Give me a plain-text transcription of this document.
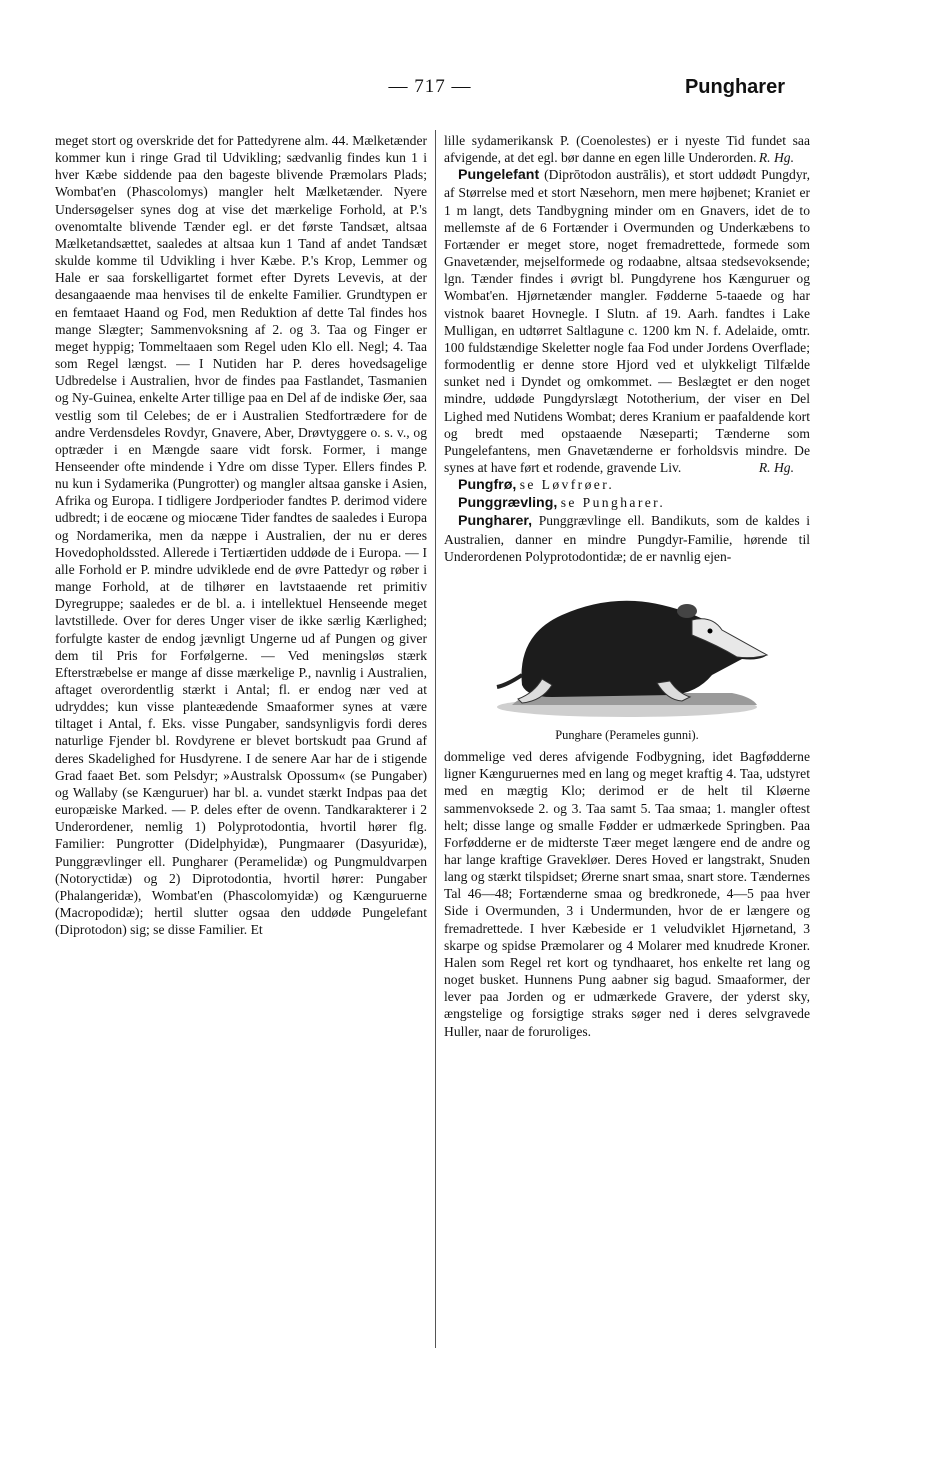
— 717 —	Pungharer

meget stort og overskride det for Pattedyrene alm. 44. Mælketænder kommer kun i ringe Grad til Udvikling; sædvanlig findes kun 1 i hver Kæbe siddende paa den bageste blivende Præmolars Plads; Wombat'en (Phascolomys) mangler helt Mælketænder. Nyere Undersøgelser synes dog at vise det mærkelige Forhold, at P.'s ovenomtalte blivende Tænder egl. er det første Tandsæt, altsaa Mælketandsættet, saaledes at altsaa kun 1 Tand af andet Tandsæt skulde komme til Udvikling i hver Kæbe. P.'s Krop, Lemmer og Hale er saa forskelligartet formet efter Dyrets Levevis, at der desangaaende maa henvises til de enkelte Familier. Grundtypen er en femtaaet Haand og Fod, men Reduktion af dette Tal findes hos mange Slægter; Sammenvoksning af 2. og 3. Taa og Finger er meget hyppig; Tommeltaaen som Regel uden Klo ell. Negl; 4. Taa som Regel længst. — I Nutiden har P. deres hovedsagelige Udbredelse i Australien, hvor de findes paa Fastlandet, Tasmanien og Ny-Guinea, enkelte Arter tillige paa en Del af de indiske Øer, saa vestlig som til Celebes; de er i Australien Stedfortrædere for de andre Verdensdeles Rovdyr, Gnavere, Aber, Drøvtyggere o. s. v., og optræder i en Mængde saare vidt forsk. Former, i mange Henseender ofte mindende i Ydre om disse Typer. Ellers findes P. nu kun i Sydamerika (Pungrotter) og mangler altsaa ganske i Asien, Afrika og Europa. I tidligere Jordperioder fandtes P. derimod videre udbredt; i de eocæne og miocæne Tider fandtes de saaledes i Europa og Nordamerika, men da næppe i Australien, der nu er deres Hovedopholdssted. Allerede i Tertiærtiden uddøde de i Europa. — I alle Forhold er P. mindre udviklede end de øvre Pattedyr og røber i mange Forhold, at de tilhører en lavtstaaende ret primitiv Dyregruppe; saaledes er de bl. a. i intellektuel Henseende meget lavtstillede. Over for deres Unger viser de ikke særlig Kærlighed; forfulgte kaster de endog jævnligt Ungerne ud af Pungen og giver dem til Pris for Forfølgerne. — Ved meningsløs stærk Efterstræbelse er mange af disse mærkelige P., navnlig i Australien, aftaget overordentlig stærkt i Antal; fl. er endog nær ved at udryddes; kun visse planteædende Smaaformer synes at være tiltaget i Antal, f. Eks. visse Pungaber, sandsynligvis fordi deres naturlige Fjender bl. Rovdyrene er blevet bortskudt paa Grund af deres Skadelighed for Husdyrene. I de senere Aar har de i stigende Grad faaet Bet. som Pelsdyr; »Australsk Opossum« (se Pungaber) og Wallaby (se Kænguruer) har bl. a. vundet stærkt Indpas paa det europæiske Marked. — P. deles efter de ovenn. Tandkarakterer i 2 Underordener, nemlig 1) Polyprotodontia, hvortil hører flg. Familier: Pungrotter (Didelphyidæ), Pungmaarer (Dasyuridæ), Punggrævlinger ell. Pungharer (Peramelidæ) og Pungmuldvarpen (Notoryctidæ) og 2) Diprotodontia, hvortil hører: Pungaber (Phalangeridæ), Wombat'en (Phascolomyidæ) og Kænguruerne (Macropodidæ); hertil slutter ogsaa den uddøde Pungelefant (Diprotodon) sig; se disse Familier. Et

lille sydamerikansk P. (Coenolestes) er i nyeste Tid fundet saa afvigende, at det egl. bør danne en egen lille Underorden. R. Hg.

Pungelefant (Diprōtodon austrālis), et stort uddødt Pungdyr, af Størrelse med et stort Næsehorn, men mere højbenet; Kraniet er 1 m langt, dets Tandbygning minder om en Gnavers, idet de to mellemste af de 6 Fortænder i Overmunden og Underkæbens to Fortænder er meget store, noget fremadrettede, formede som Gnavetænder, mejselformede og rodaabne, altsaa stedsevoksende; lgn. Tænder findes i øvrigt bl. Pungdyrene hos Kænguruer og Wombat'en. Hjørnetænder mangler. Fødderne 5-taaede og har vistnok baaret Hovnegle. I Slutn. af 19. Aarh. fandtes i Lake Mulligan, en udtørret Saltlagune c. 1200 km N. f. Adelaide, omtr. 100 fuldstændige Skeletter nogle faa Fod under Jordens Overflade; formodentlig er denne store Hjord ved et ulykkeligt Tilfælde sunket ned i Dyndet og omkommet. — Beslægtet er den noget mindre, uddøde Pungdyrslægt Nototherium, der viser en Del Lighed med Nutidens Wombat; deres Kranium er paafaldende kort og bredt med opstaaende Næseparti; Tænderne som Pungelefantens, men Gnavetænderne er forholdsvis mindre. De synes at have ført et rodende, gravende Liv.	R. Hg.

Pungfrø, se Løvfrøer.

Punggrævling, se Pungharer.

Pungharer, Punggrævlinge ell. Bandikuts, som de kaldes i Australien, danner en mindre Pungdyr-Familie, hørende til Underordenen Polyprotodontidæ; de er navnlig ejen-

Punghare (Perameles gunni).

dommelige ved deres afvigende Fodbygning, idet Bagfødderne ligner Kænguruernes med en lang og meget kraftig 4. Taa, udstyret med en mægtig Klo; derimod er de helt til Kløerne sammenvoksede 2. og 3. Taa samt 5. Taa smaa; 1. mangler oftest helt; disse lange og smalle Fødder er udmærkede Springben. Paa Forfødderne er de midterste Tæer meget længere end de andre og har lange kraftige Gravekløer. Deres Hoved er langstrakt, Snuden lang og stærkt tilspidset; Ørerne snart smaa, snart store. Tændernes Tal 46—48; Fortænderne smaa og bredkronede, 4—5 paa hver Side i Overmunden, 3 i Undermunden, hvor de er længere og fremadrettede. I hver Kæbeside er 1 veludviklet Hjørnetand, 3 skarpe og spidse Præmolarer og 4 Molarer med knudrede Kroner. Halen som Regel ret kort og tyndhaaret, hos enkelte ret lang og noget busket. Hunnens Pung aabner sig bagud. Smaaformer, der lever paa Jorden og er udmærkede Gravere, der yderst sky, ængstelige og forsigtige straks søger ned i deres selvgravede Huller, naar de foruroliges.
